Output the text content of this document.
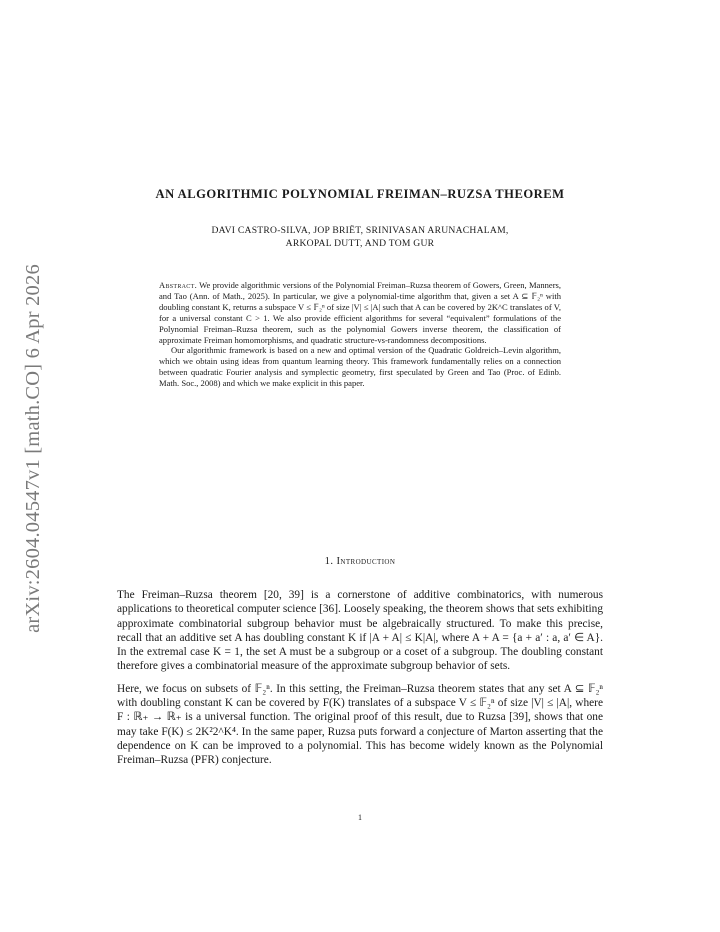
arXiv:2604.04547v1 [math.CO] 6 Apr 2026
AN ALGORITHMIC POLYNOMIAL FREIMAN–RUZSA THEOREM
DAVI CASTRO-SILVA, JOP BRIËT, SRINIVASAN ARUNACHALAM,
ARKOPAL DUTT, AND TOM GUR

Abstract. We provide algorithmic versions of the Polynomial Freiman–Ruzsa theorem of Gowers, Green, Manners, and Tao (Ann. of Math., 2025). In particular, we give a polynomial-time algorithm that, given a set A ⊆ 𝔽₂ⁿ with doubling constant K, returns a subspace V ≤ 𝔽₂ⁿ of size |V| ≤ |A| such that A can be covered by 2K^C translates of V, for a universal constant C > 1. We also provide efficient algorithms for several “equivalent” formulations of the Polynomial Freiman–Ruzsa theorem, such as the polynomial Gowers inverse theorem, the classification of approximate Freiman homomorphisms, and quadratic structure-vs-randomness decompositions.

Our algorithmic framework is based on a new and optimal version of the Quadratic Goldreich–Levin algorithm, which we obtain using ideas from quantum learning theory. This framework fundamentally relies on a connection between quadratic Fourier analysis and symplectic geometry, first speculated by Green and Tao (Proc. of Edinb. Math. Soc., 2008) and which we make explicit in this paper.

1. Introduction

The Freiman–Ruzsa theorem [20, 39] is a cornerstone of additive combinatorics, with numerous applications to theoretical computer science [36]. Loosely speaking, the theorem shows that sets exhibiting approximate combinatorial subgroup behavior must be algebraically structured. To make this precise, recall that an additive set A has doubling constant K if |A + A| ≤ K|A|, where A + A = {a + a′ : a, a′ ∈ A}. In the extremal case K = 1, the set A must be a subgroup or a coset of a subgroup. The doubling constant therefore gives a combinatorial measure of the approximate subgroup behavior of sets.

Here, we focus on subsets of 𝔽₂ⁿ. In this setting, the Freiman–Ruzsa theorem states that any set A ⊆ 𝔽₂ⁿ with doubling constant K can be covered by F(K) translates of a subspace V ≤ 𝔽₂ⁿ of size |V| ≤ |A|, where F : ℝ₊ → ℝ₊ is a universal function. The original proof of this result, due to Ruzsa [39], shows that one may take F(K) ≤ 2K²2^K⁴. In the same paper, Ruzsa puts forward a conjecture of Marton asserting that the dependence on K can be improved to a polynomial. This has become widely known as the Polynomial Freiman–Ruzsa (PFR) conjecture.

1
